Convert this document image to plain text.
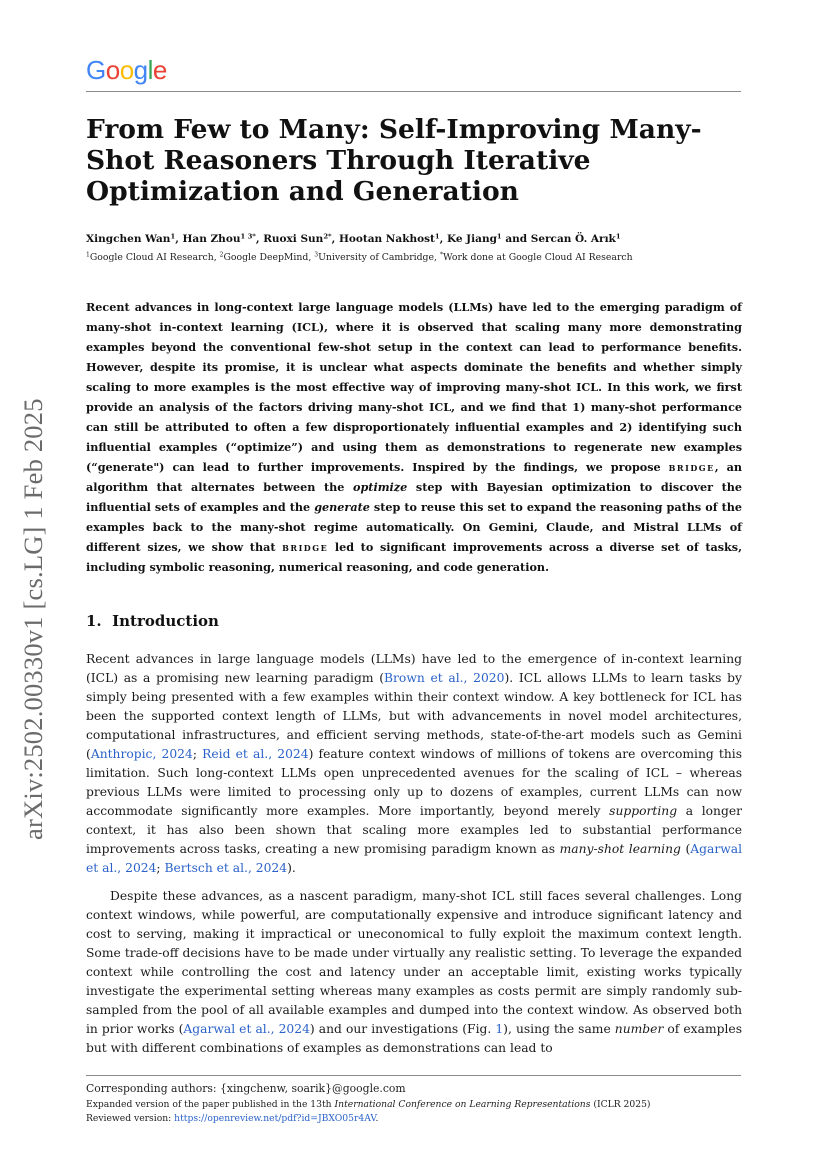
Google
arXiv:2502.00330v1 [cs.LG] 1 Feb 2025
From Few to Many: Self-Improving Many-Shot Reasoners Through Iterative Optimization and Generation
Xingchen Wan$^1$, Han Zhou$^{1 3*}$, Ruoxi Sun$^{2*}$, Hootan Nakhost$^1$, Ke Jiang$^1$ and Sercan Ö. Arık$^1$
$^1$Google Cloud AI Research, $^2$Google DeepMind, $^3$University of Cambridge, *Work done at Google Cloud AI Research

Recent advances in long-context large language models (LLMs) have led to the emerging paradigm of many-shot in-context learning (ICL), where it is observed that scaling many more demonstrating examples beyond the conventional few-shot setup in the context can lead to performance benefits. However, despite its promise, it is unclear what aspects dominate the benefits and whether simply scaling to more examples is the most effective way of improving many-shot ICL. In this work, we first provide an analysis of the factors driving many-shot ICL, and we find that 1) many-shot performance can still be attributed to often a few disproportionately influential examples and 2) identifying such influential examples (“optimize”) and using them as demonstrations to regenerate new examples (“generate") can lead to further improvements. Inspired by the findings, we propose bridge, an algorithm that alternates between the optimize step with Bayesian optimization to discover the influential sets of examples and the generate step to reuse this set to expand the reasoning paths of the examples back to the many-shot regime automatically. On Gemini, Claude, and Mistral LLMs of different sizes, we show that bridge led to significant improvements across a diverse set of tasks, including symbolic reasoning, numerical reasoning, and code generation.

1. Introduction

Recent advances in large language models (LLMs) have led to the emergence of in-context learning (ICL) as a promising new learning paradigm (Brown et al., 2020). ICL allows LLMs to learn tasks by simply being presented with a few examples within their context window. A key bottleneck for ICL has been the supported context length of LLMs, but with advancements in novel model architectures, computational infrastructures, and efficient serving methods, state-of-the-art models such as Gemini (Anthropic, 2024; Reid et al., 2024) feature context windows of millions of tokens are overcoming this limitation. Such long-context LLMs open unprecedented avenues for the scaling of ICL – whereas previous LLMs were limited to processing only up to dozens of examples, current LLMs can now accommodate significantly more examples. More importantly, beyond merely supporting a longer context, it has also been shown that scaling more examples led to substantial performance improvements across tasks, creating a new promising paradigm known as many-shot learning (Agarwal et al., 2024; Bertsch et al., 2024).

Despite these advances, as a nascent paradigm, many-shot ICL still faces several challenges. Long context windows, while powerful, are computationally expensive and introduce significant latency and cost to serving, making it impractical or uneconomical to fully exploit the maximum context length. Some trade-off decisions have to be made under virtually any realistic setting. To leverage the expanded context while controlling the cost and latency under an acceptable limit, existing works typically investigate the experimental setting whereas many examples as costs permit are simply randomly sub-sampled from the pool of all available examples and dumped into the context window. As observed both in prior works (Agarwal et al., 2024) and our investigations (Fig. 1), using the same number of examples but with different combinations of examples as demonstrations can lead to

Corresponding authors: {xingchenw, soarik}@google.com
Expanded version of the paper published in the 13th International Conference on Learning Representations (ICLR 2025)
Reviewed version: https://openreview.net/pdf?id=JBXO05r4AV.
